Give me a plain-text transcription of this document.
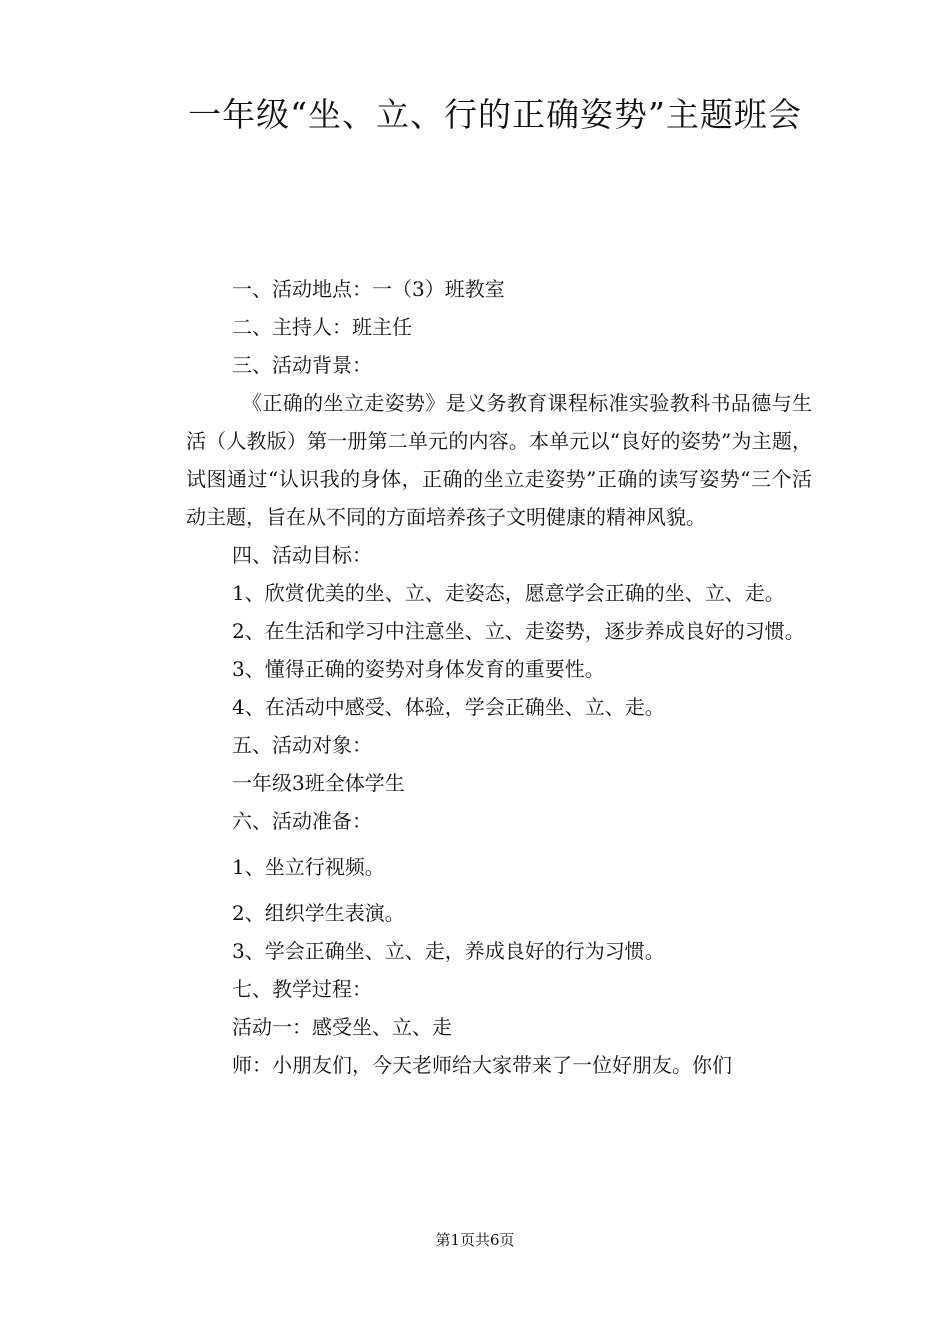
一年级“坐、立、行的正确姿势”主题班会
一、活动地点：一（3）班教室
二、主持人：班主任
三、活动背景：
《正确的坐立走姿势》是义务教育课程标准实验教科书品德与生活（人教版）第一册第二单元的内容。本单元以“良好的姿势”为主题，试图通过“认识我的身体，正确的坐立走姿势”正确的读写姿势“三个活动主题，旨在从不同的方面培养孩子文明健康的精神风貌。
四、活动目标：
1、欣赏优美的坐、立、走姿态，愿意学会正确的坐、立、走。
2、在生活和学习中注意坐、立、走姿势，逐步养成良好的习惯。
3、懂得正确的姿势对身体发育的重要性。
4、在活动中感受、体验，学会正确坐、立、走。
五、活动对象：
一年级3班全体学生
六、活动准备：
1、坐立行视频。
2、组织学生表演。
3、学会正确坐、立、走，养成良好的行为习惯。
七、教学过程：
活动一：感受坐、立、走
师：小朋友们，今天老师给大家带来了一位好朋友。你们
第1页共6页
